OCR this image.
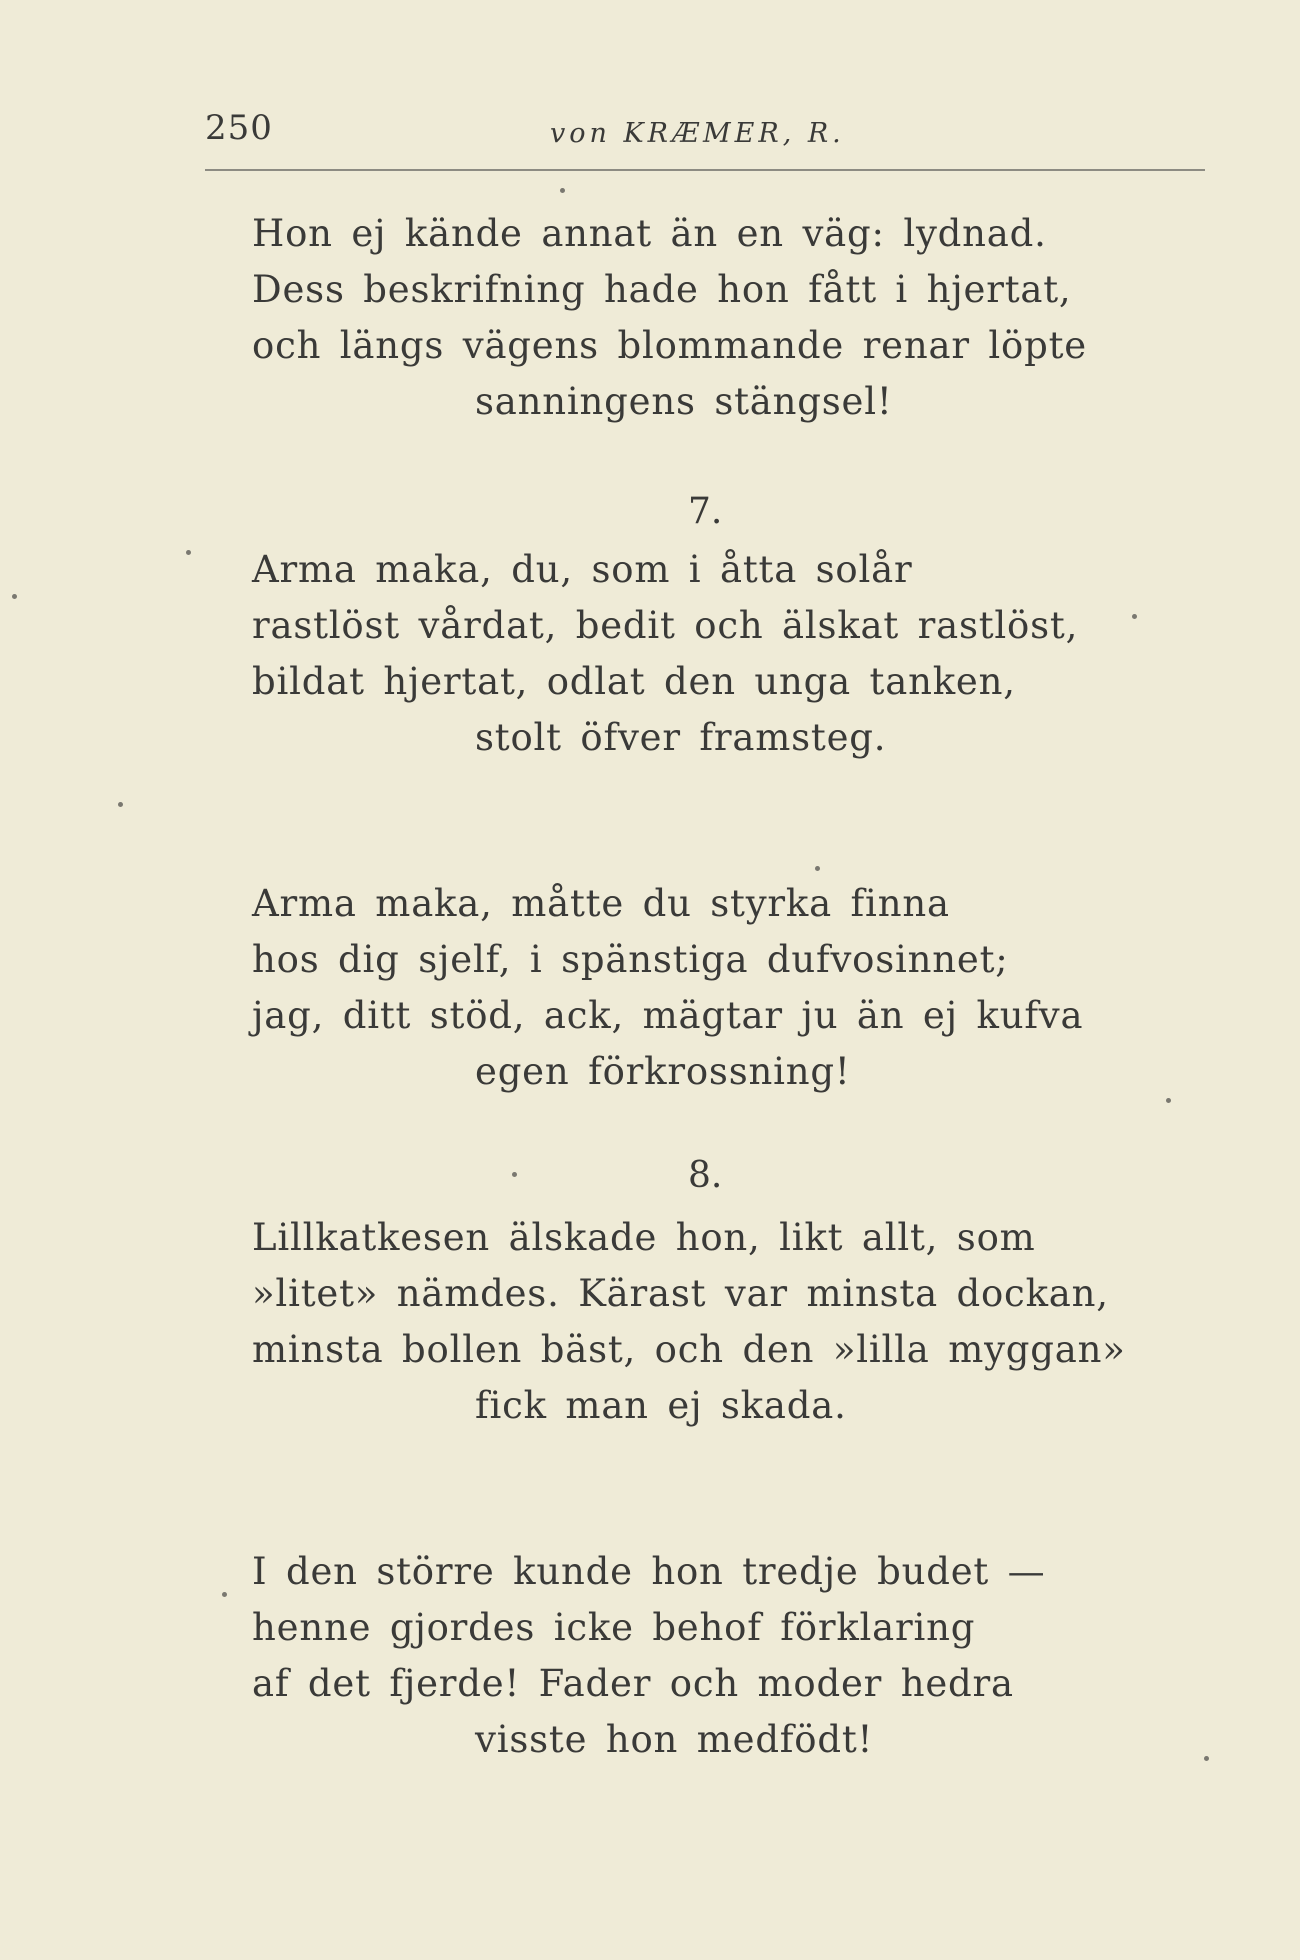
250	von KRÆMER, R.
Hon ej kände annat än en väg: lydnad.
Dess beskrifning hade hon fått i hjertat,
och längs vägens blommande renar löpte
sanningens stängsel!
7.
Arma maka, du, som i åtta solår
rastlöst vårdat, bedit och älskat rastlöst,
bildat hjertat, odlat den unga tanken,
stolt öfver framsteg.
Arma maka, måtte du styrka finna
hos dig sjelf, i spänstiga dufvosinnet;
jag, ditt stöd, ack, mägtar ju än ej kufva
egen förkrossning!
8.
Lillkatkesen älskade hon, likt allt, som
»litet» nämdes. Kärast var minsta dockan,
minsta bollen bäst, och den »lilla myggan»
fick man ej skada.
I den större kunde hon tredje budet —
henne gjordes icke behof förklaring
af det fjerde! Fader och moder hedra
visste hon medfödt!
